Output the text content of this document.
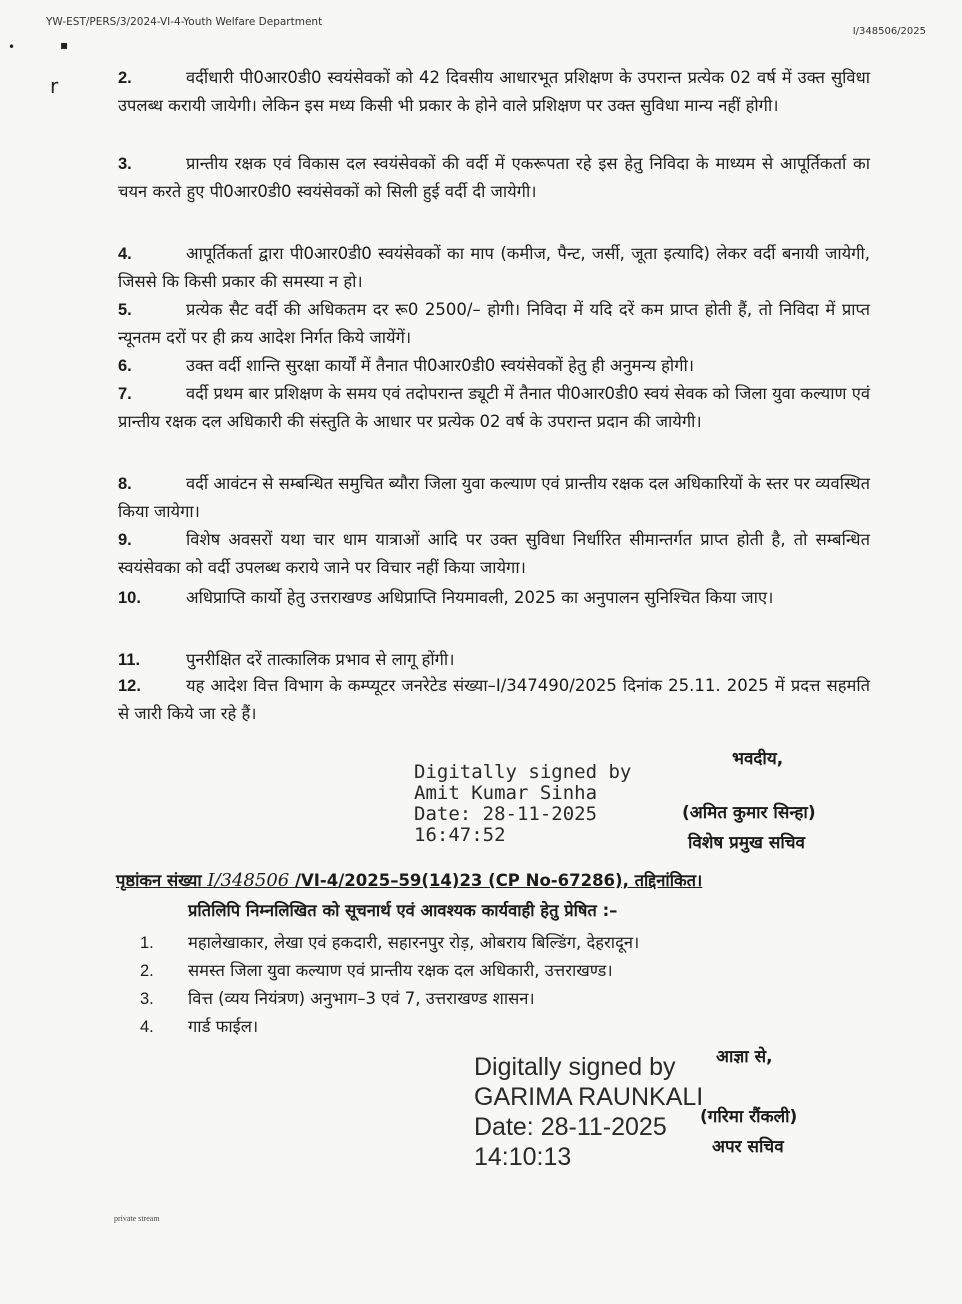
YW-EST/PERS/3/2024-VI-4-Youth Welfare Department
I/348506/2025
•	▪
r	2.	वर्दीधारी पी0आर0डी0 स्वयंसेवकों को 42 दिवसीय आधारभूत प्रशिक्षण के उपरान्त प्रत्येक 02 वर्ष में उक्त सुविधा उपलब्ध करायी जायेगी। लेकिन इस मध्य किसी भी प्रकार के होने वाले प्रशिक्षण पर उक्त सुविधा मान्य नहीं होगी।
3.	प्रान्तीय रक्षक एवं विकास दल स्वयंसेवकों की वर्दी में एकरूपता रहे इस हेतु निविदा के माध्यम से आपूर्तिकर्ता का चयन करते हुए पी0आर0डी0 स्वयंसेवकों को सिली हुई वर्दी दी जायेगी।
4.	आपूर्तिकर्ता द्वारा पी0आर0डी0 स्वयंसेवकों का माप (कमीज, पैन्ट, जर्सी, जूता इत्यादि) लेकर वर्दी बनायी जायेगी, जिससे कि किसी प्रकार की समस्या न हो।
5.	प्रत्येक सैट वर्दी की अधिकतम दर रू0 2500/– होगी। निविदा में यदि दरें कम प्राप्त होती हैं, तो निविदा में प्राप्त न्यूनतम दरों पर ही क्रय आदेश निर्गत किये जायेंगें।
6.	उक्त वर्दी शान्ति सुरक्षा कार्यों में तैनात पी0आर0डी0 स्वयंसेवकों हेतु ही अनुमन्य होगी।
7.	वर्दी प्रथम बार प्रशिक्षण के समय एवं तदोपरान्त ड्यूटी में तैनात पी0आर0डी0 स्वयं सेवक को जिला युवा कल्याण एवं प्रान्तीय रक्षक दल अधिकारी की संस्तुति के आधार पर प्रत्येक 02 वर्ष के उपरान्त प्रदान की जायेगी।
8.	वर्दी आवंटन से सम्बन्धित समुचित ब्यौरा जिला युवा कल्याण एवं प्रान्तीय रक्षक दल अधिकारियों के स्तर पर व्यवस्थित किया जायेगा।
9.	विशेष अवसरों यथा चार धाम यात्राओं आदि पर उक्त सुविधा निर्धारित सीमान्तर्गत प्राप्त होती है, तो सम्बन्धित स्वयंसेवका को वर्दी उपलब्ध कराये जाने पर विचार नहीं किया जायेगा।
10.	अधिप्राप्ति कार्यो हेतु उत्तराखण्ड अधिप्राप्ति नियमावली, 2025 का अनुपालन सुनिश्चित किया जाए।
11.	पुनरीक्षित दरें तात्कालिक प्रभाव से लागू होंगी।
12.	यह आदेश वित्त विभाग के कम्प्यूटर जनरेटेड संख्या–I/347490/2025 दिनांक 25.11. 2025 में प्रदत्त सहमति से जारी किये जा रहे हैं।
Digitally signed by
Amit Kumar Sinha
Date: 28-11-2025
16:47:52
भवदीय,
(अमित कुमार सिन्हा)
विशेष प्रमुख सचिव
पृष्ठांकन संख्या I/348506 /VI-4/2025–59(14)23 (CP No-67286), तद्दिनांकित।
प्रतिलिपि निम्नलिखित को सूचनार्थ एवं आवश्यक कार्यवाही हेतु प्रेषित :–
1. महालेखाकार, लेखा एवं हकदारी, सहारनपुर रोड़, ओबराय बिल्डिंग, देहरादून।
2. समस्त जिला युवा कल्याण एवं प्रान्तीय रक्षक दल अधिकारी, उत्तराखण्ड।
3. वित्त (व्यय नियंत्रण) अनुभाग–3 एवं 7, उत्तराखण्ड शासन।
4. गार्ड फाईल।
Digitally signed by
GARIMA RAUNKALI
Date: 28-11-2025
14:10:13
आज्ञा से,
(गरिमा रौंकली)
अपर सचिव
private stream
